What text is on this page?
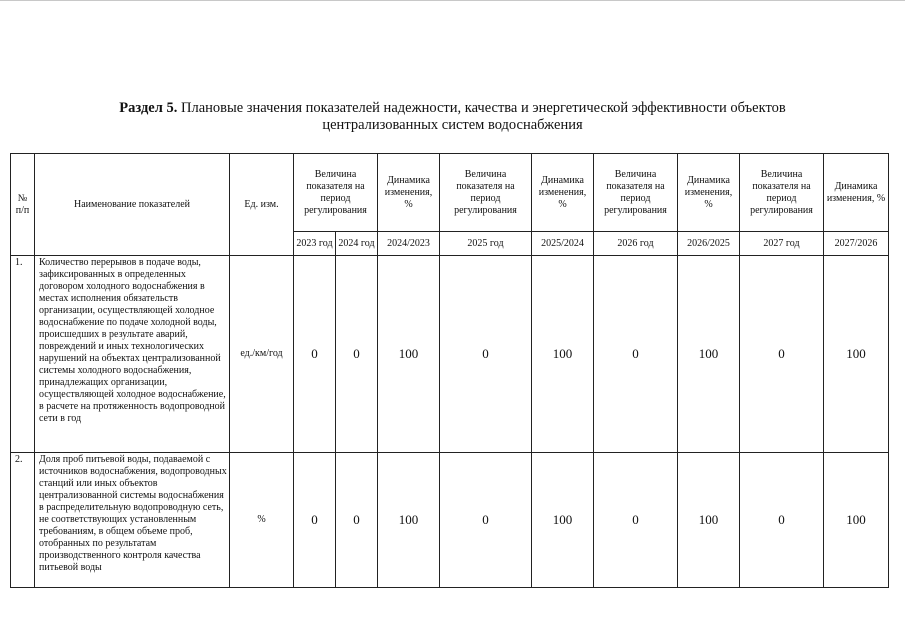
Раздел 5. Плановые значения показателей надежности, качества и энергетической эффективности объектов
централизованных систем водоснабжения
№ п/п	Наименование показателей	Ед. изм.	Величина показателя на период регулирования		Динамика изменения, %	Величина показателя на период регулирования	Динамика изменения, %	Величина показателя на период регулирования	Динамика изменения, %	Величина показателя на период регулирования	Динамика изменения, %
			2023 год	2024 год	2024/2023	2025 год	2025/2024	2026 год	2026/2025	2027 год	2027/2026
1.	Количество перерывов в подаче воды, зафиксированных в определенных договором холодного водоснабжения в местах исполнения обязательств организации, осуществляющей холодное водоснабжение по подаче холодной воды, происшедших в результате аварий, повреждений и иных технологических нарушений на объектах централизованной системы холодного водоснабжения, принадлежащих организации, осуществляющей холодное водоснабжение, в расчете на протяженность водопроводной сети в год	ед./км/год	0	0	100	0	100	0	100	0	100
2.	Доля проб питьевой воды, подаваемой с источников водоснабжения, водопроводных станций или иных объектов централизованной системы водоснабжения в распределительную водопроводную сеть, не соответствующих установленным требованиям, в общем объеме проб, отобранных по результатам производственного контроля качества питьевой воды	%	0	0	100	0	100	0	100	0	100
